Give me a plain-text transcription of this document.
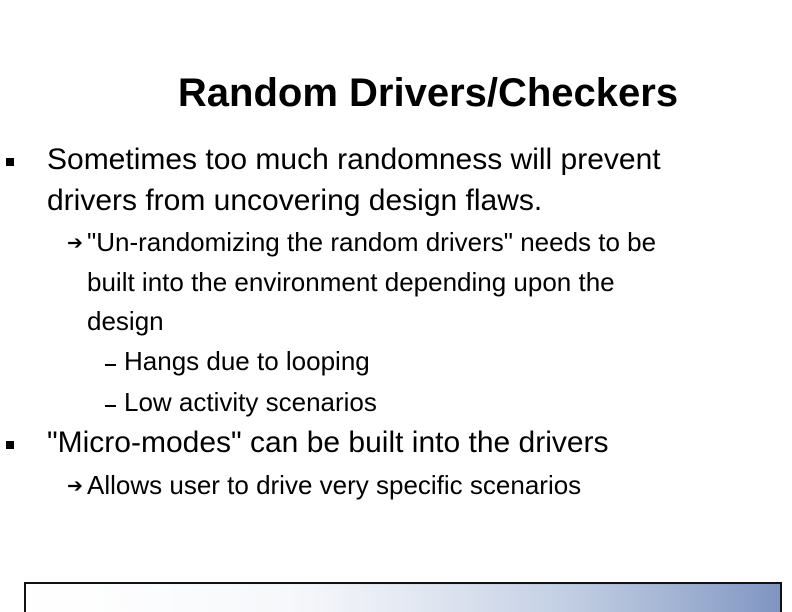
Random Drivers/Checkers
Sometimes too much randomness will prevent
drivers from uncovering design flaws.
➔ "Un-randomizing the random drivers" needs to be
built into the environment depending upon the
design
Hangs due to looping
Low activity scenarios
"Micro-modes" can be built into the drivers
➔ Allows user to drive very specific scenarios
